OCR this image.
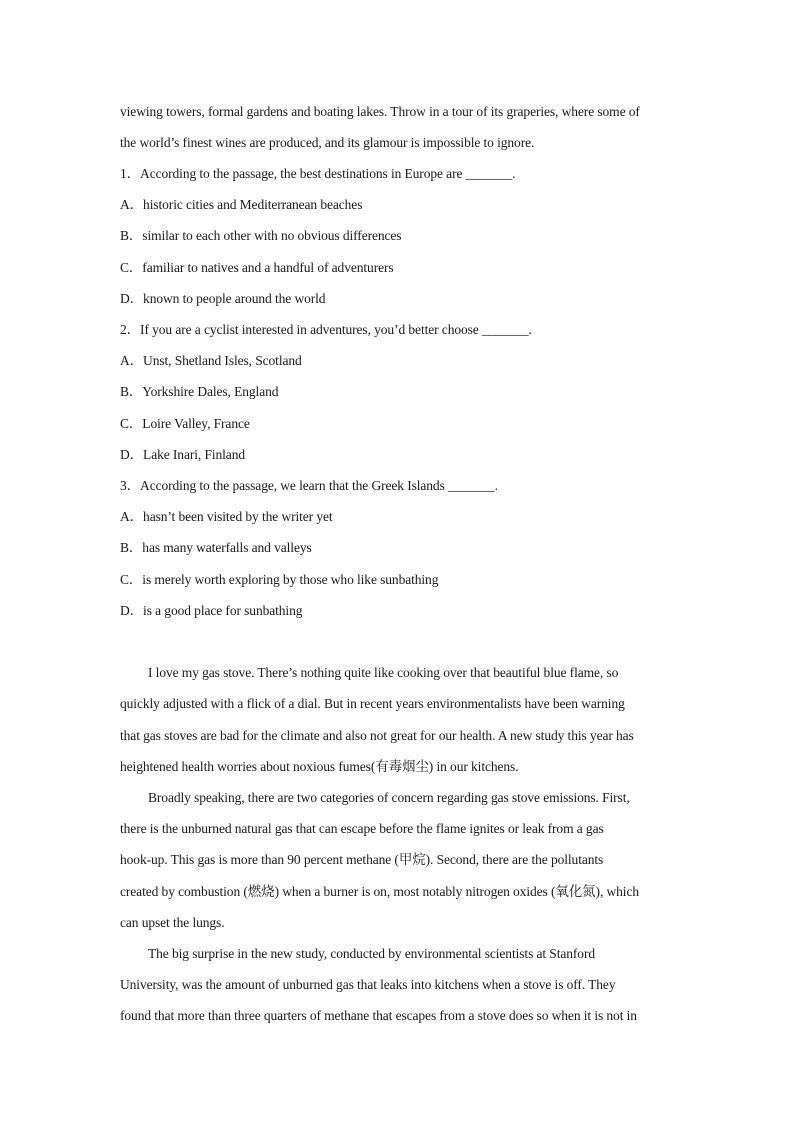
viewing towers, formal gardens and boating lakes. Throw in a tour of its graperies, where some of
the world’s finest wines are produced, and its glamour is impossible to ignore.
1．According to the passage, the best destinations in Europe are _______.
A．historic cities and Mediterranean beaches
B．similar to each other with no obvious differences
C．familiar to natives and a handful of adventurers
D．known to people around the world
2．If you are a cyclist interested in adventures, you’d better choose _______.
A．Unst, Shetland Isles, Scotland
B．Yorkshire Dales, England
C．Loire Valley, France
D．Lake Inari, Finland
3．According to the passage, we learn that the Greek Islands _______.
A．hasn’t been visited by the writer yet
B．has many waterfalls and valleys
C．is merely worth exploring by those who like sunbathing
D．is a good place for sunbathing
I love my gas stove. There’s nothing quite like cooking over that beautiful blue flame, so
quickly adjusted with a flick of a dial. But in recent years environmentalists have been warning
that gas stoves are bad for the climate and also not great for our health. A new study this year has
heightened health worries about noxious fumes(有毒烟尘) in our kitchens.
Broadly speaking, there are two categories of concern regarding gas stove emissions. First,
there is the unburned natural gas that can escape before the flame ignites or leak from a gas
hook-up. This gas is more than 90 percent methane (甲烷). Second, there are the pollutants
created by combustion (燃烧) when a burner is on, most notably nitrogen oxides (氧化氮), which
can upset the lungs.
The big surprise in the new study, conducted by environmental scientists at Stanford
University, was the amount of unburned gas that leaks into kitchens when a stove is off. They
found that more than three quarters of methane that escapes from a stove does so when it is not in
